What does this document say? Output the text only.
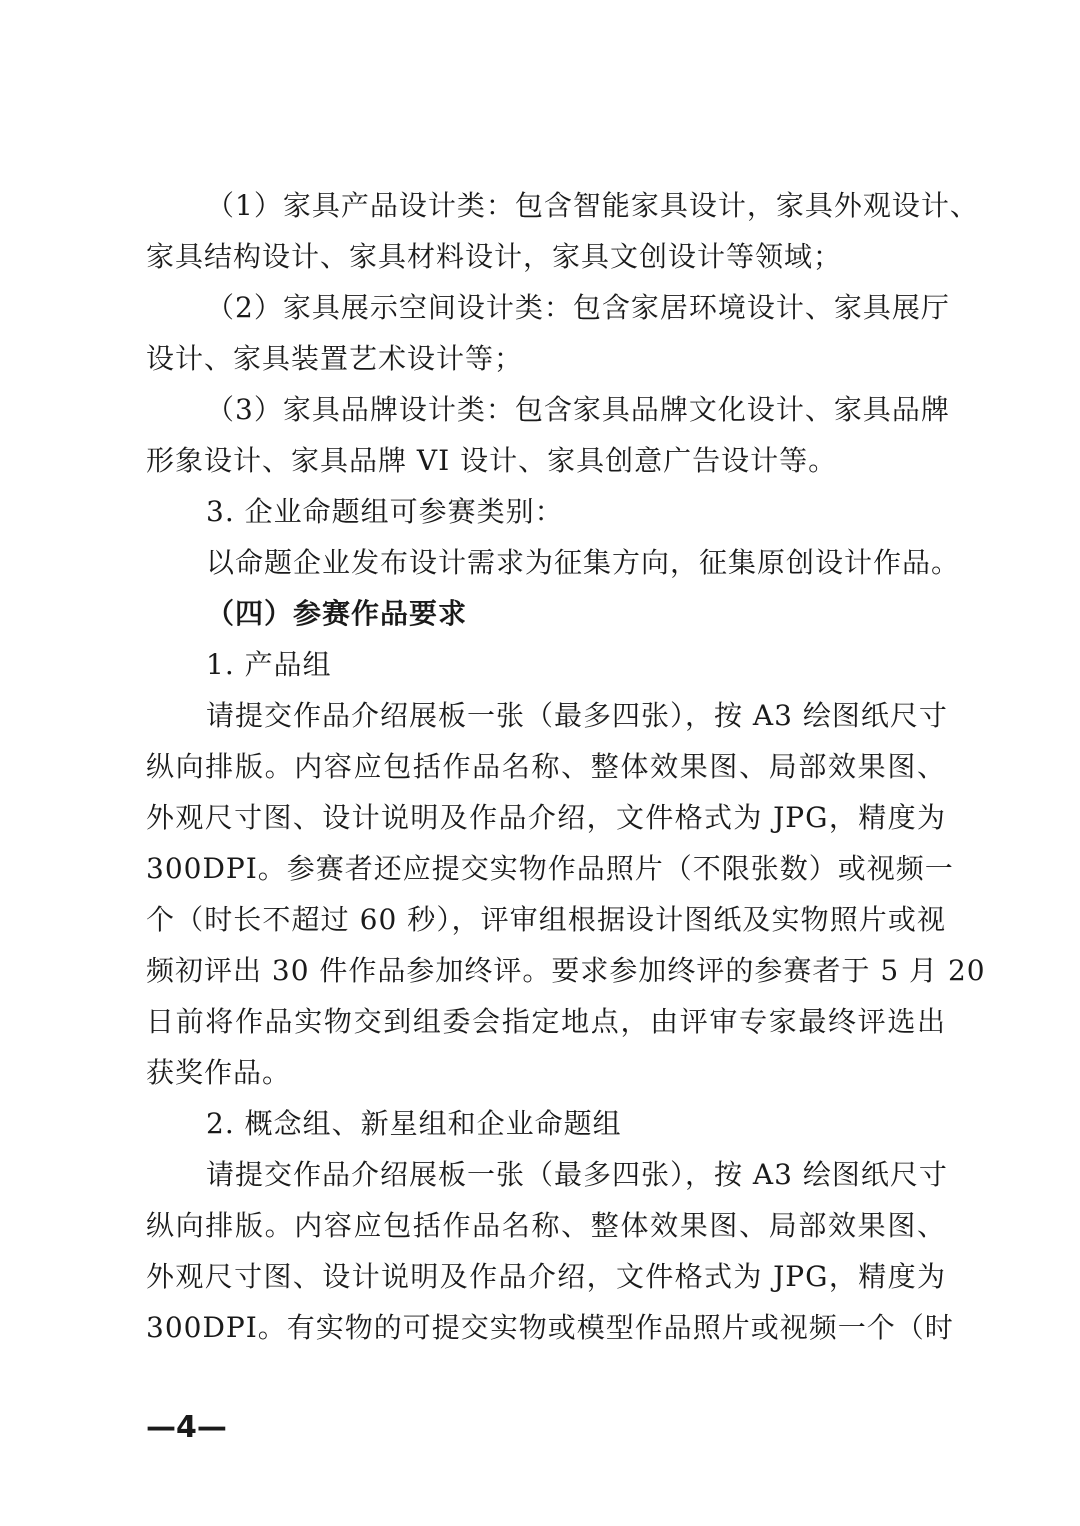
（1）家具产品设计类：包含智能家具设计，家具外观设计、
家具结构设计、家具材料设计，家具文创设计等领域；
（2）家具展示空间设计类：包含家居环境设计、家具展厅
设计、家具装置艺术设计等；
（3）家具品牌设计类：包含家具品牌文化设计、家具品牌
形象设计、家具品牌 VI 设计、家具创意广告设计等。
3. 企业命题组可参赛类别：
以命题企业发布设计需求为征集方向，征集原创设计作品。
（四）参赛作品要求
1. 产品组
请提交作品介绍展板一张（最多四张），按 A3 绘图纸尺寸
纵向排版。内容应包括作品名称、整体效果图、局部效果图、
外观尺寸图、设计说明及作品介绍，文件格式为 JPG，精度为
300DPI。参赛者还应提交实物作品照片（不限张数）或视频一
个（时长不超过 60 秒），评审组根据设计图纸及实物照片或视
频初评出 30 件作品参加终评。要求参加终评的参赛者于 5 月 20
日前将作品实物交到组委会指定地点，由评审专家最终评选出
获奖作品。
2. 概念组、新星组和企业命题组
请提交作品介绍展板一张（最多四张），按 A3 绘图纸尺寸
纵向排版。内容应包括作品名称、整体效果图、局部效果图、
外观尺寸图、设计说明及作品介绍，文件格式为 JPG，精度为
300DPI。有实物的可提交实物或模型作品照片或视频一个（时
—4—
